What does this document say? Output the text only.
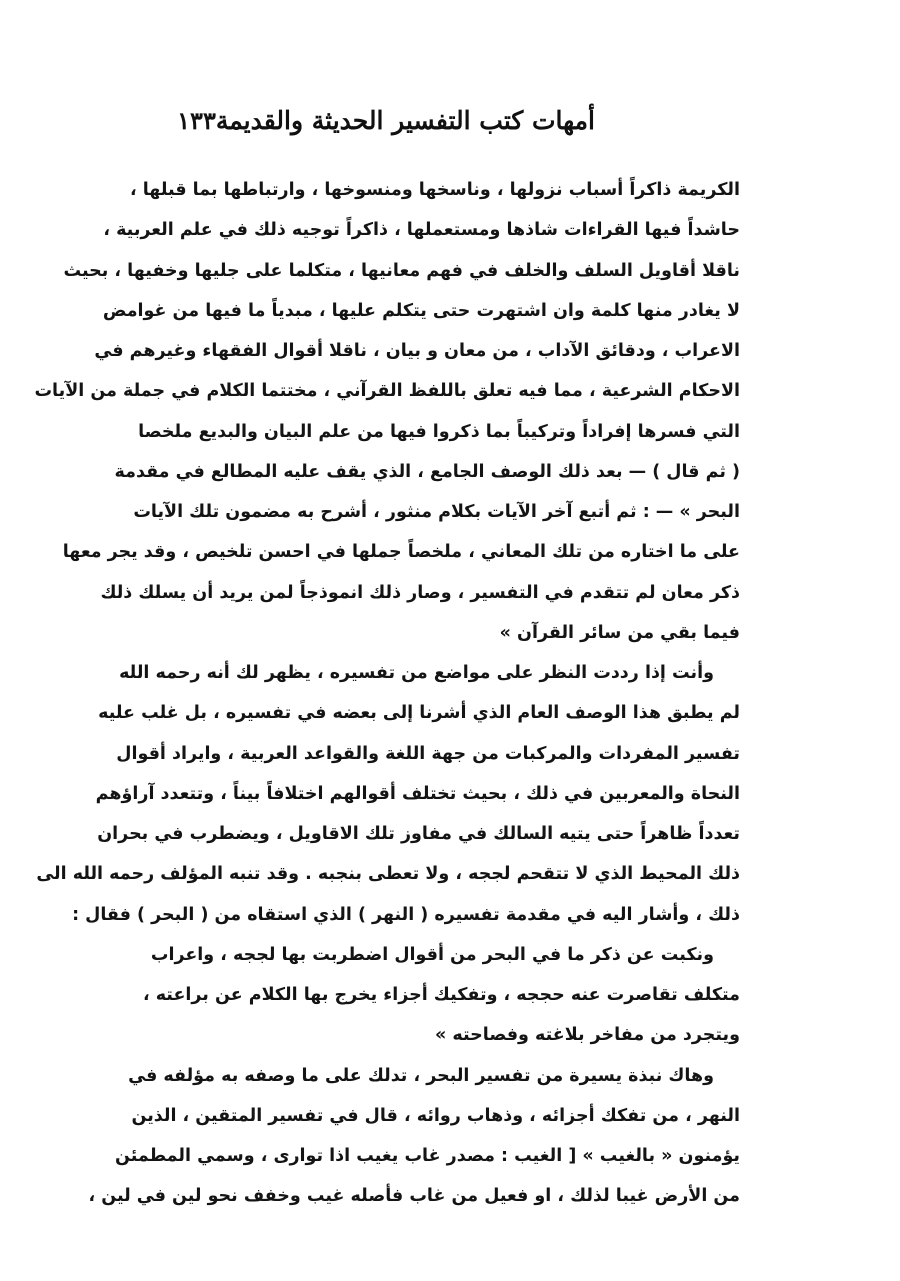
أمهات كتب التفسير الحديثة والقديمة
١٣٣
الكريمة ذاكراً أسباب نزولها ، وناسخها ومنسوخها ، وارتباطها بما قبلها ،
حاشداً فيها القراءات شاذها ومستعملها ، ذاكراً توجيه ذلك في علم العربية ،
ناقلا أقاويل السلف والخلف في فهم معانيها ، متكلما على جليها وخفيها ، بحيث
لا يغادر منها كلمة وان اشتهرت حتى يتكلم عليها ، مبدياً ما فيها من غوامض
الاعراب ، ودقائق الآداب ، من معان و بيان ، ناقلا أقوال الفقهاء وغيرهم في
الاحكام الشرعية ، مما فيه تعلق باللفظ القرآني ، مختتما الكلام في جملة من الآيات
التي فسرها إفراداً وتركيباً بما ذكروا فيها من علم البيان والبديع ملخصا
( ثم قال ) — بعد ذلك الوصف الجامع ، الذي يقف عليه المطالع في مقدمة
البحر » — : ثم أتبع آخر الآيات بكلام منثور ، أشرح به مضمون تلك الآيات
على ما اختاره من تلك المعاني ، ملخصاً جملها في احسن تلخيص ، وقد يجر معها
ذكر معان لم تتقدم في التفسير ، وصار ذلك انموذجاً لمن يريد أن يسلك ذلك
فيما بقي من سائر القرآن »
وأنت إذا رددت النظر على مواضع من تفسيره ، يظهر لك أنه رحمه الله
لم يطبق هذا الوصف العام الذي أشرنا إلى بعضه في تفسيره ، بل غلب عليه
تفسير المفردات والمركبات من جهة اللغة والقواعد العربية ، وايراد أقوال
النحاة والمعربين في ذلك ، بحيث تختلف أقوالهم اختلافاً بيناً ، وتتعدد آراؤهم
تعدداً ظاهراً حتى يتيه السالك في مفاوز تلك الاقاويل ، ويضطرب في بحران
ذلك المحيط الذي لا تتقحم لججه ، ولا تعطى بنجبه . وقد تنبه المؤلف رحمه الله الى
ذلك ، وأشار اليه في مقدمة تفسيره ( النهر ) الذي استقاه من ( البحر ) فقال :
ونكبت عن ذكر ما في البحر من أقوال اضطربت بها لججه ، واعراب
متكلف تقاصرت عنه حججه ، وتفكيك أجزاء يخرج بها الكلام عن براعته ،
ويتجرد من مفاخر بلاغته وفصاحته »
وهاك نبذة يسيرة من تفسير البحر ، تدلك على ما وصفه به مؤلفه في
النهر ، من تفكك أجزائه ، وذهاب روائه ، قال في تفسير المتقين ، الذين
يؤمنون « بالغيب » [ الغيب : مصدر غاب يغيب اذا توارى ، وسمي المطمئن
من الأرض غيبا لذلك ، او فعيل من غاب فأصله غيب وخفف نحو لين في لين ،
